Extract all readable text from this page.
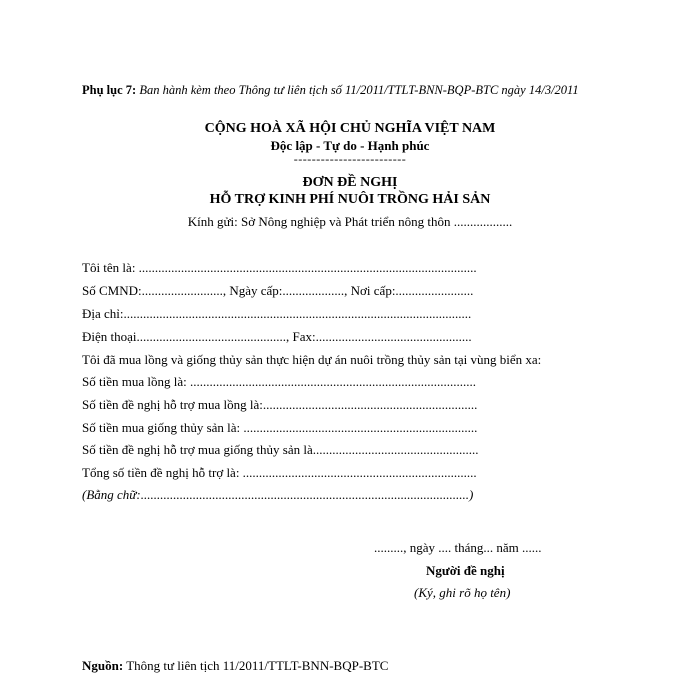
Phụ lục 7: Ban hành kèm theo Thông tư liên tịch số 11/2011/TTLT-BNN-BQP-BTC ngày 14/3/2011
CỘNG HOÀ XÃ HỘI CHỦ NGHĨA VIỆT NAM
Độc lập - Tự do - Hạnh phúc
-------------------------
ĐƠN ĐỀ NGHỊ
HỖ TRỢ KINH PHÍ NUÔI TRỒNG HẢI SẢN
Kính gửi: Sở Nông nghiệp và Phát triển nông thôn ..................
Tôi tên là: ........................................................................................................
Số CMND:........................., Ngày cấp:..................., Nơi cấp:........................
Địa chỉ:...........................................................................................................
Điện thoại.............................................., Fax:................................................
Tôi đã mua lồng và giống thủy sản thực hiện dự án nuôi trồng thủy sản tại vùng biển xa:
Số tiền mua lồng là: ........................................................................................
Số tiền đề nghị hỗ trợ mua lồng là:..................................................................
Số tiền mua giống thủy sản là: ........................................................................
Số tiền đề nghị hỗ trợ mua giống thủy sản là...................................................
Tổng số tiền đề nghị hỗ trợ là: ........................................................................
(Bằng chữ:.....................................................................................................)
........., ngày .... tháng... năm ......
Người đề nghị
(Ký, ghi rõ họ tên)
Nguồn: Thông tư liên tịch 11/2011/TTLT-BNN-BQP-BTC
